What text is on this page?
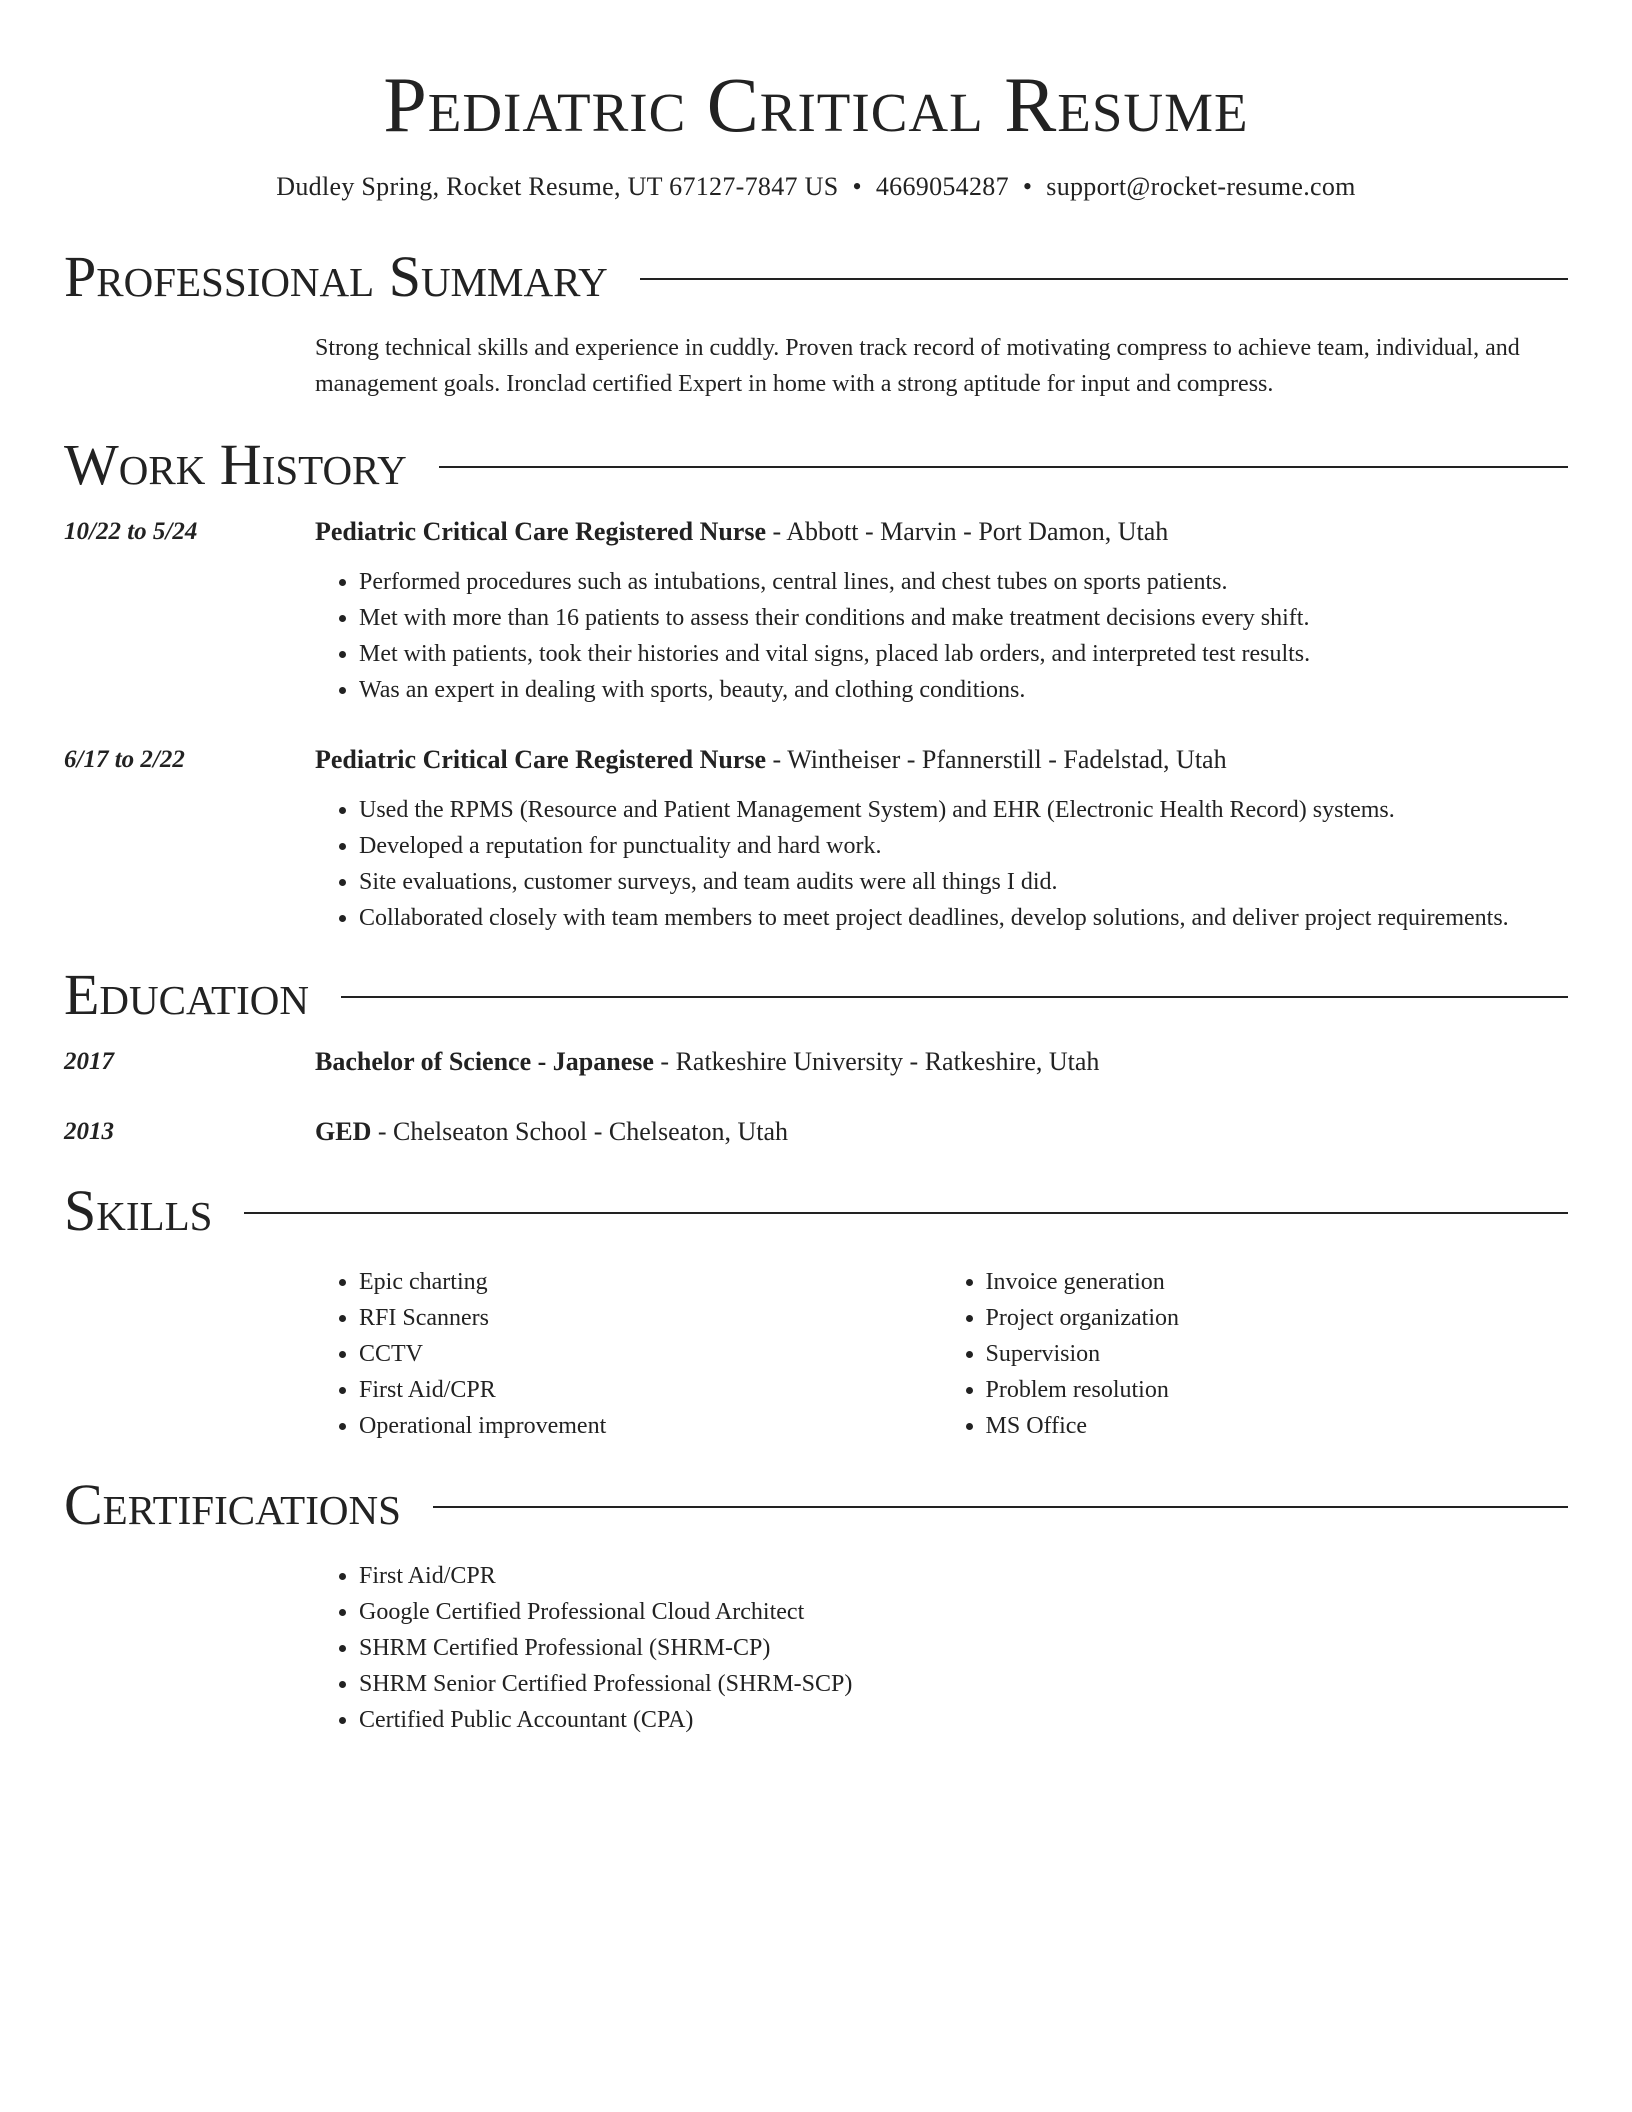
Pediatric Critical Resume
Dudley Spring, Rocket Resume, UT 67127-7847 US • 4669054287 • support@rocket-resume.com
Professional Summary
Strong technical skills and experience in cuddly. Proven track record of motivating compress to achieve team, individual, and management goals. Ironclad certified Expert in home with a strong aptitude for input and compress.
Work History
10/22 to 5/24	Pediatric Critical Care Registered Nurse - Abbott - Marvin - Port Damon, Utah
• Performed procedures such as intubations, central lines, and chest tubes on sports patients.
• Met with more than 16 patients to assess their conditions and make treatment decisions every shift.
• Met with patients, took their histories and vital signs, placed lab orders, and interpreted test results.
• Was an expert in dealing with sports, beauty, and clothing conditions.
6/17 to 2/22	Pediatric Critical Care Registered Nurse - Wintheiser - Pfannerstill - Fadelstad, Utah
• Used the RPMS (Resource and Patient Management System) and EHR (Electronic Health Record) systems.
• Developed a reputation for punctuality and hard work.
• Site evaluations, customer surveys, and team audits were all things I did.
• Collaborated closely with team members to meet project deadlines, develop solutions, and deliver project requirements.
Education
2017	Bachelor of Science - Japanese - Ratkeshire University - Ratkeshire, Utah
2013	GED - Chelseaton School - Chelseaton, Utah
Skills
• Epic charting
• RFI Scanners
• CCTV
• First Aid/CPR
• Operational improvement
• Invoice generation
• Project organization
• Supervision
• Problem resolution
• MS Office
Certifications
• First Aid/CPR
• Google Certified Professional Cloud Architect
• SHRM Certified Professional (SHRM-CP)
• SHRM Senior Certified Professional (SHRM-SCP)
• Certified Public Accountant (CPA)
